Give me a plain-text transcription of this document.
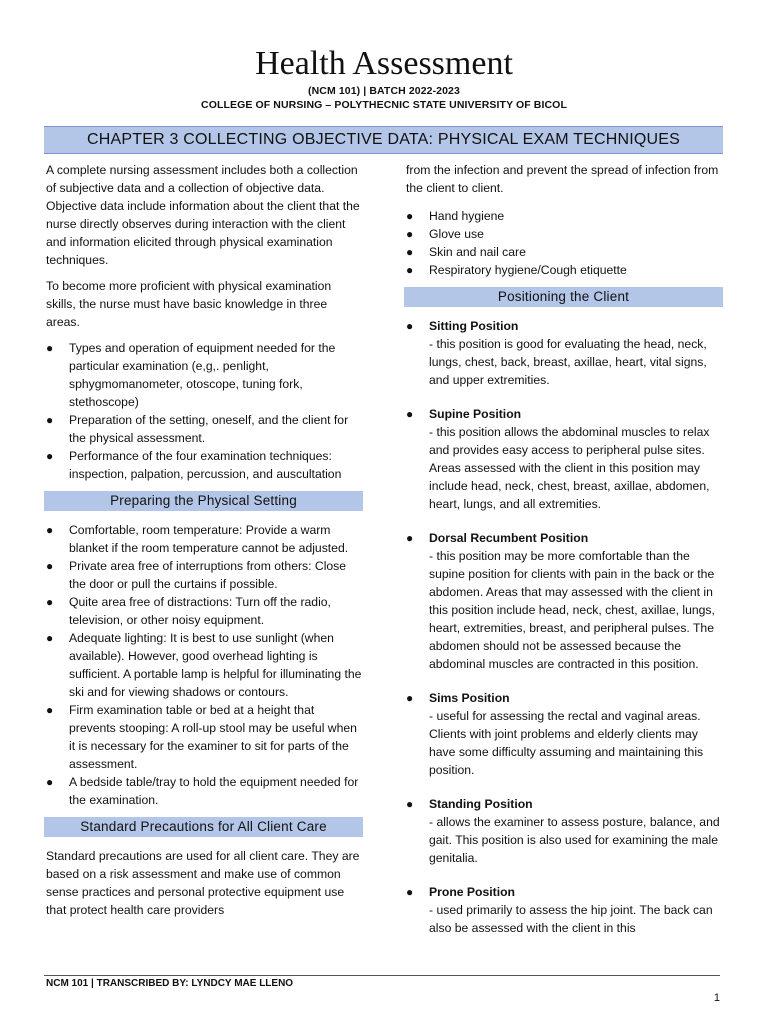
Health Assessment
(NCM 101) | BATCH 2022-2023
COLLEGE OF NURSING – POLYTHECNIC STATE UNIVERSITY OF BICOL
CHAPTER 3 COLLECTING OBJECTIVE DATA: PHYSICAL EXAM TECHNIQUES

A complete nursing assessment includes both a collection of subjective data and a collection of objective data. Objective data include information about the client that the nurse directly observes during interaction with the client and information elicited through physical examination techniques.

To become more proficient with physical examination skills, the nurse must have basic knowledge in three areas.

● Types and operation of equipment needed for the particular examination (e,g,. penlight, sphygmomanometer, otoscope, tuning fork, stethoscope)
● Preparation of the setting, oneself, and the client for the physical assessment.
● Performance of the four examination techniques: inspection, palpation, percussion, and auscultation
Preparing the Physical Setting
● Comfortable, room temperature: Provide a warm blanket if the room temperature cannot be adjusted.
● Private area free of interruptions from others: Close the door or pull the curtains if possible.
● Quite area free of distractions: Turn off the radio, television, or other noisy equipment.
● Adequate lighting: It is best to use sunlight (when available). However, good overhead lighting is sufficient. A portable lamp is helpful for illuminating the ski and for viewing shadows or contours.
● Firm examination table or bed at a height that prevents stooping: A roll-up stool may be useful when it is necessary for the examiner to sit for parts of the assessment.
● A bedside table/tray to hold the equipment needed for the examination.
Standard Precautions for All Client Care

Standard precautions are used for all client care. They are based on a risk assessment and make use of common sense practices and personal protective equipment use that protect health care providers

from the infection and prevent the spread of infection from the client to client.

● Hand hygiene
● Glove use
● Skin and nail care
● Respiratory hygiene/Cough etiquette
Positioning the Client
● Sitting Position
- this position is good for evaluating the head, neck, lungs, chest, back, breast, axillae, heart, vital signs, and upper extremities.
● Supine Position
- this position allows the abdominal muscles to relax and provides easy access to peripheral pulse sites. Areas assessed with the client in this position may include head, neck, chest, breast, axillae, abdomen, heart, lungs, and all extremities.
● Dorsal Recumbent Position
- this position may be more comfortable than the supine position for clients with pain in the back or the abdomen. Areas that may assessed with the client in this position include head, neck, chest, axillae, lungs, heart, extremities, breast, and peripheral pulses. The abdomen should not be assessed because the abdominal muscles are contracted in this position.
● Sims Position
- useful for assessing the rectal and vaginal areas. Clients with joint problems and elderly clients may have some difficulty assuming and maintaining this position.
● Standing Position
- allows the examiner to assess posture, balance, and gait. This position is also used for examining the male genitalia.
● Prone Position
- used primarily to assess the hip joint. The back can also be assessed with the client in this
NCM 101 | TRANSCRIBED BY: LYNDCY MAE LLENO
1
